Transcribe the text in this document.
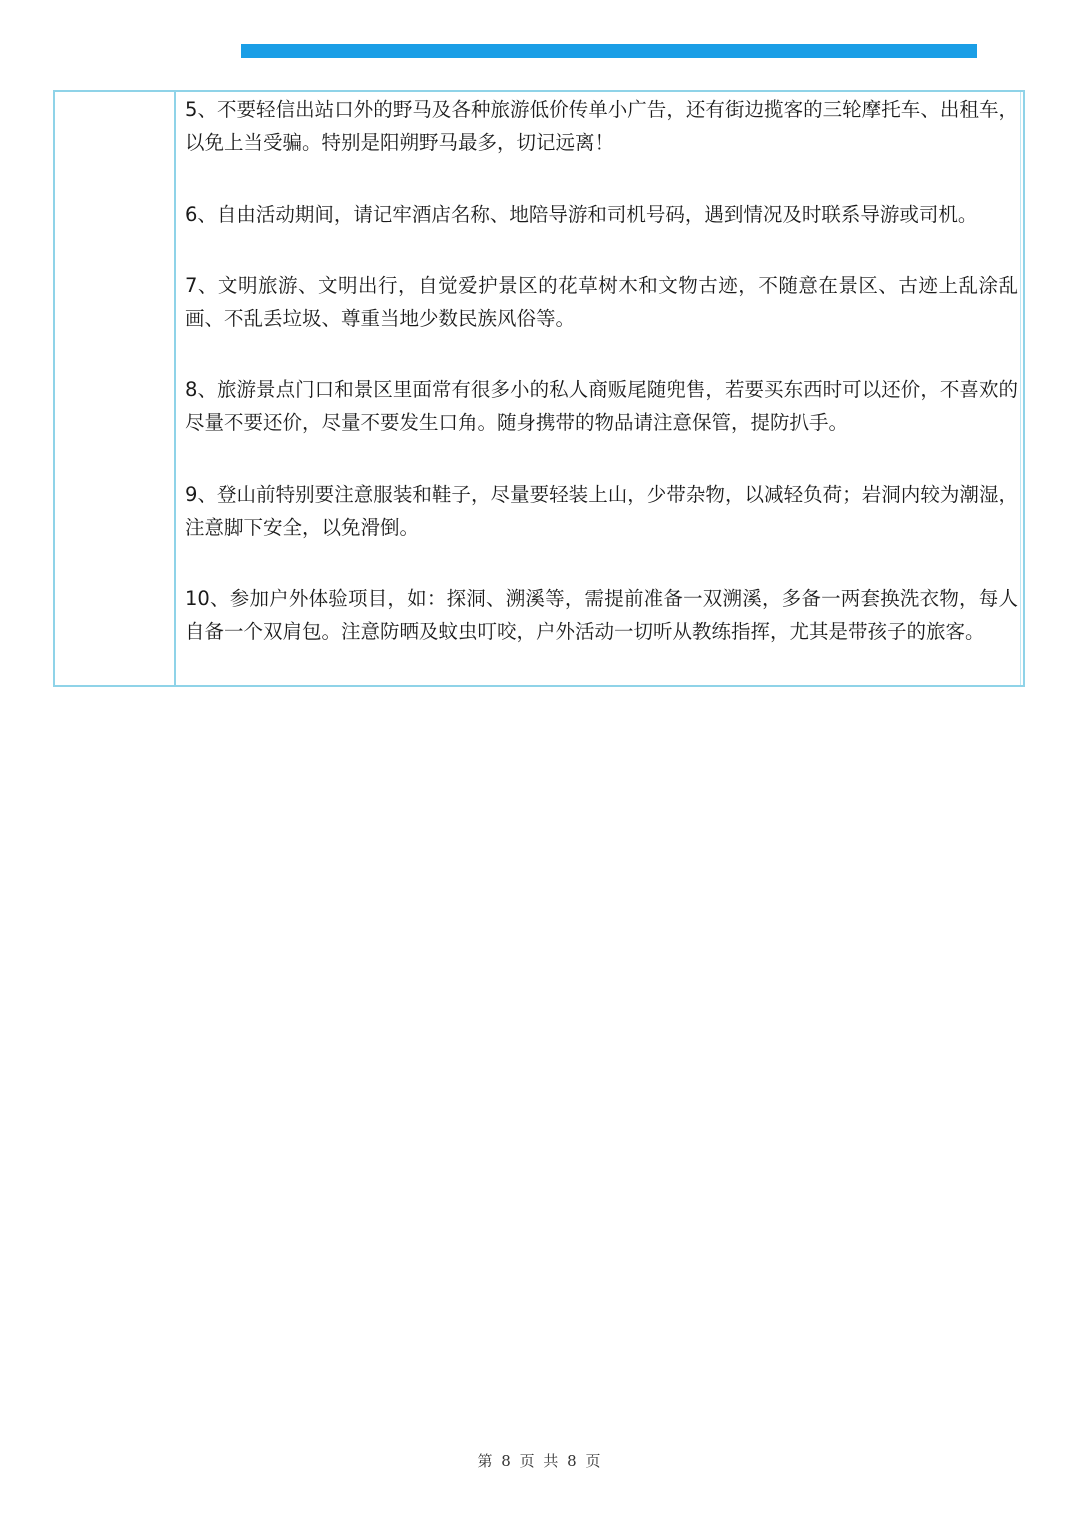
5、不要轻信出站口外的野马及各种旅游低价传单小广告，还有街边揽客的三轮摩托车、出租车，以免上当受骗。特别是阳朔野马最多，切记远离！

6、自由活动期间，请记牢酒店名称、地陪导游和司机号码，遇到情况及时联系导游或司机。

7、文明旅游、文明出行，自觉爱护景区的花草树木和文物古迹，不随意在景区、古迹上乱涂乱画、不乱丢垃圾、尊重当地少数民族风俗等。

8、旅游景点门口和景区里面常有很多小的私人商贩尾随兜售，若要买东西时可以还价，不喜欢的尽量不要还价，尽量不要发生口角。随身携带的物品请注意保管，提防扒手。

9、登山前特别要注意服装和鞋子，尽量要轻装上山，少带杂物，以减轻负荷；岩洞内较为潮湿，注意脚下安全，以免滑倒。

10、参加户外体验项目，如：探洞、溯溪等，需提前准备一双溯溪，多备一两套换洗衣物，每人自备一个双肩包。注意防晒及蚊虫叮咬，户外活动一切听从教练指挥，尤其是带孩子的旅客。

第 8 页 共 8 页
